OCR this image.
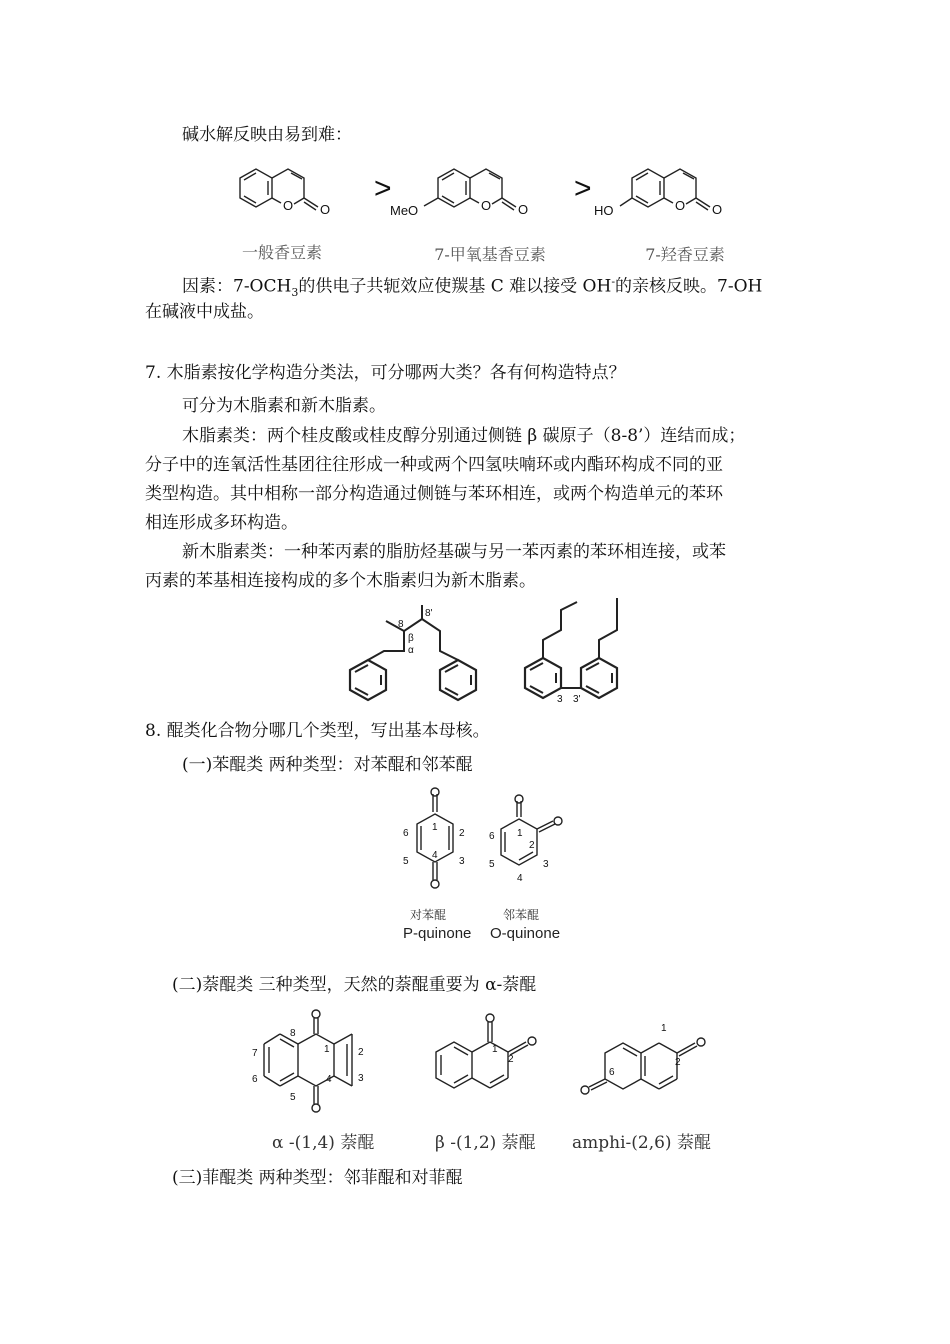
碱水解反映由易到难：
O O
>
MeO	O O
>
HO	O O
一般香豆素	7-甲氧基香豆素	7-羟香豆素
因素：$7-OCH_3$的供电子共轭效应使羰基 C 难以接受 OH-的亲核反映。7-OH
在碱液中成盐。
7. 木脂素按化学构造分类法，可分哪两大类？各有何构造特点？
可分为木脂素和新木脂素。
木脂素类：两个桂皮酸或桂皮醇分别通过侧链 β 碳原子（8-8’）连结而成；
分子中的连氧活性基团往往形成一种或两个四氢呋喃环或内酯环构成不同的亚
类型构造。其中相称一部分构造通过侧链与苯环相连，或两个构造单元的苯环
相连形成多环构造。
新木脂素类：一种苯丙素的脂肪烃基碳与另一苯丙素的苯环相连接，或苯
丙素的苯基相连接构成的多个木脂素归为新木脂素。
8
8'
β
α
3 3'
8. 醌类化合物分哪几个类型，写出基本母核。
(一)苯醌类 两种类型：对苯醌和邻苯醌
1
2
3
4
5
6	1
2
3
4
5
6
对苯醌	邻苯醌
P-quinone O-quinone
(二)萘醌类 三种类型，天然的萘醌重要为 α-萘醌
1	2
3
4
5
6
7
8
1
2
1
2
6
α -(1,4) 萘醌	β -(1,2) 萘醌 amphi-(2,6) 萘醌
(三)菲醌类 两种类型：邻菲醌和对菲醌
